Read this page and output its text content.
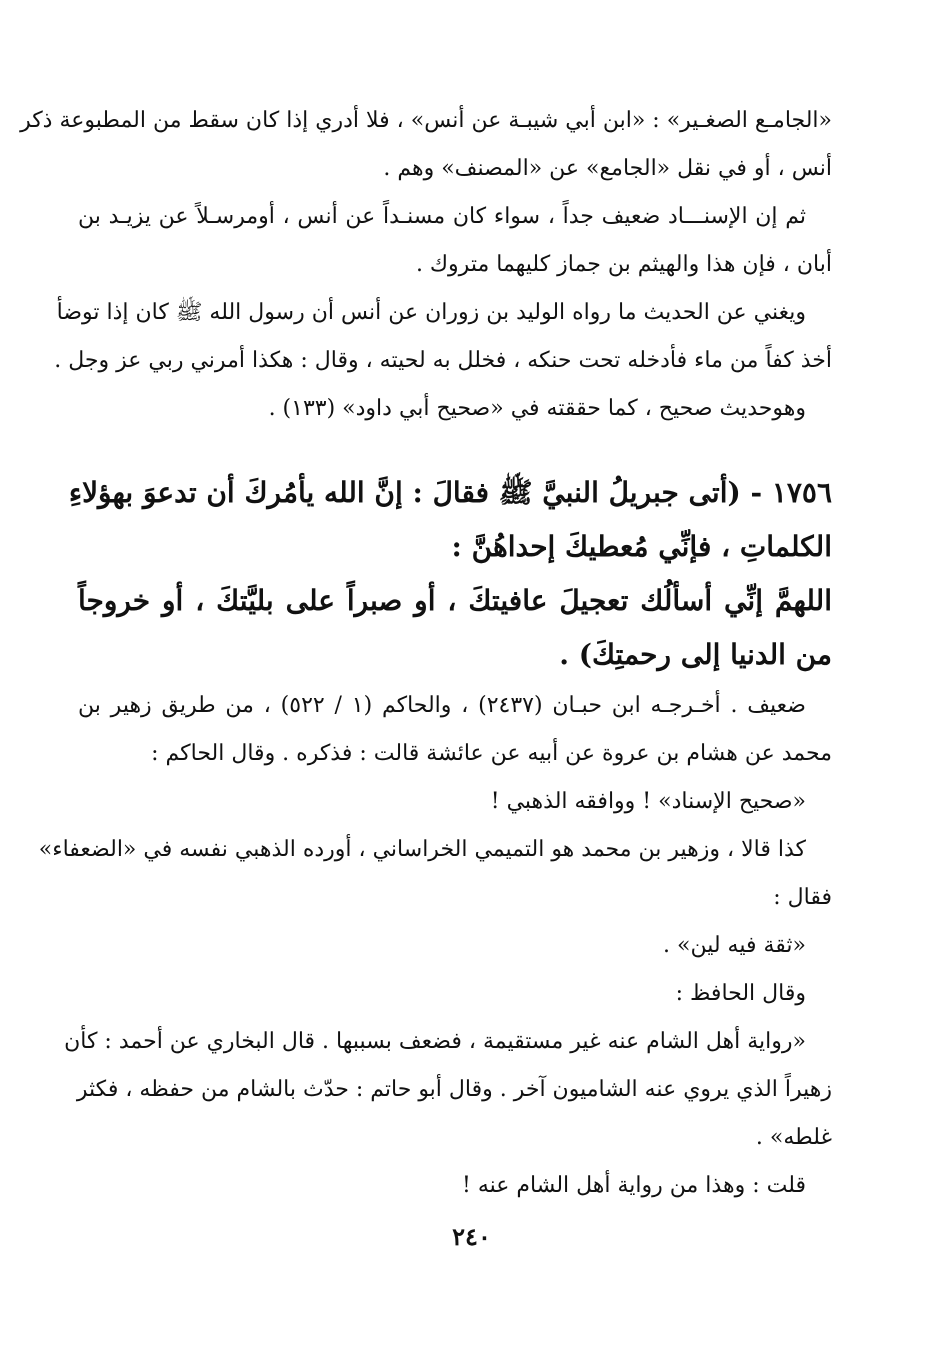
«الجامـع الصغـير» : «ابن أبي شيبـة عن أنس» ، فلا أدري إذا كان سقط من المطبوعة ذكر
أنس ، أو في نقل «الجامع» عن «المصنف» وهم .
ثم إن الإسنـــاد ضعيف جداً ، سواء كان مسنـداً عن أنس ، أومرسـلاً عن يزيـد بن
أبان ، فإن هذا والهيثم بن جماز كليهما متروك .
ويغني عن الحديث ما رواه الوليد بن زوران عن أنس أن رسول الله ﷺ كان إذا توضأ
أخذ كفاً من ماء فأدخله تحت حنكه ، فخلل به لحيته ، وقال : هكذا أمرني ربي عز وجل .
وهوحديث صحيح ، كما حققته في «صحيح أبي داود» (١٣٣) .
١٧٥٦ - (أتى جبريلُ النبيَّ ﷺ فقالَ : إنَّ الله يأمُركَ أن تدعوَ بهؤلاءِ
الكلماتِ ، فإنِّي مُعطيكَ إحداهُنَّ :
اللهمَّ إنِّي أسألُك تعجيلَ عافيتكَ ، أو صبراً على بليَّتكَ ، أو خروجاً
من الدنيا إلى رحمتِكَ) .
ضعيف . أخـرجـه ابن حبـان (٢٤٣٧) ، والحاكم (١ / ٥٢٢) ، من طريق زهير بن
محمد عن هشام بن عروة عن أبيه عن عائشة قالت : فذكره . وقال الحاكم :
«صحيح الإسناد» ! ووافقه الذهبي !
كذا قالا ، وزهير بن محمد هو التميمي الخراساني ، أورده الذهبي نفسه في «الضعفاء»
فقال :
«ثقة فيه لين» .
وقال الحافظ :
«رواية أهل الشام عنه غير مستقيمة ، فضعف بسببها . قال البخاري عن أحمد : كأن
زهيراً الذي يروي عنه الشاميون آخر . وقال أبو حاتم : حدّث بالشام من حفظه ، فكثر
غلطه» .
قلت : وهذا من رواية أهل الشام عنه !
٢٤٠
